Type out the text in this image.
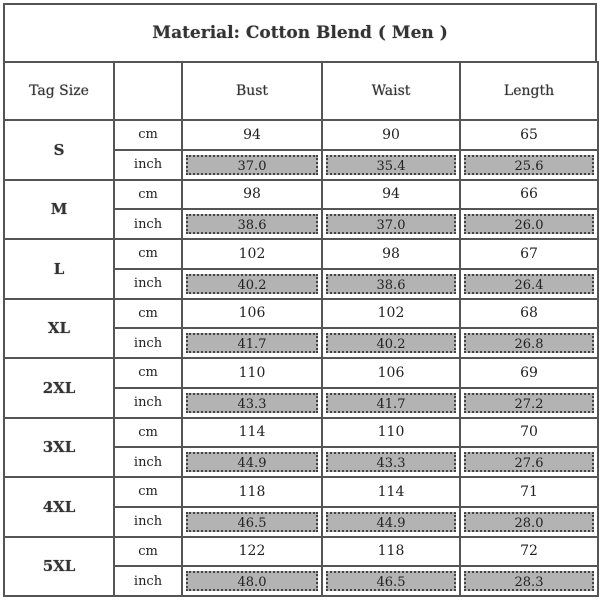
Material: Cotton Blend ( Men )
Tag Size		Bust	Waist	Length
S	cm	94	90	65
	inch	37.0	35.4	25.6

M	cm	98	94	66
	inch	38.6	37.0	26.0

L	cm	102	98	67
	inch	40.2	38.6	26.4

XL	cm	106	102	68
	inch	41.7	40.2	26.8

2XL	cm	110	106	69
	inch	43.3	41.7	27.2

3XL	cm	114	110	70
	inch	44.9	43.3	27.6

4XL	cm	118	114	71
	inch	46.5	44.9	28.0

5XL	cm	122	118	72
	inch	48.0	46.5	28.3
